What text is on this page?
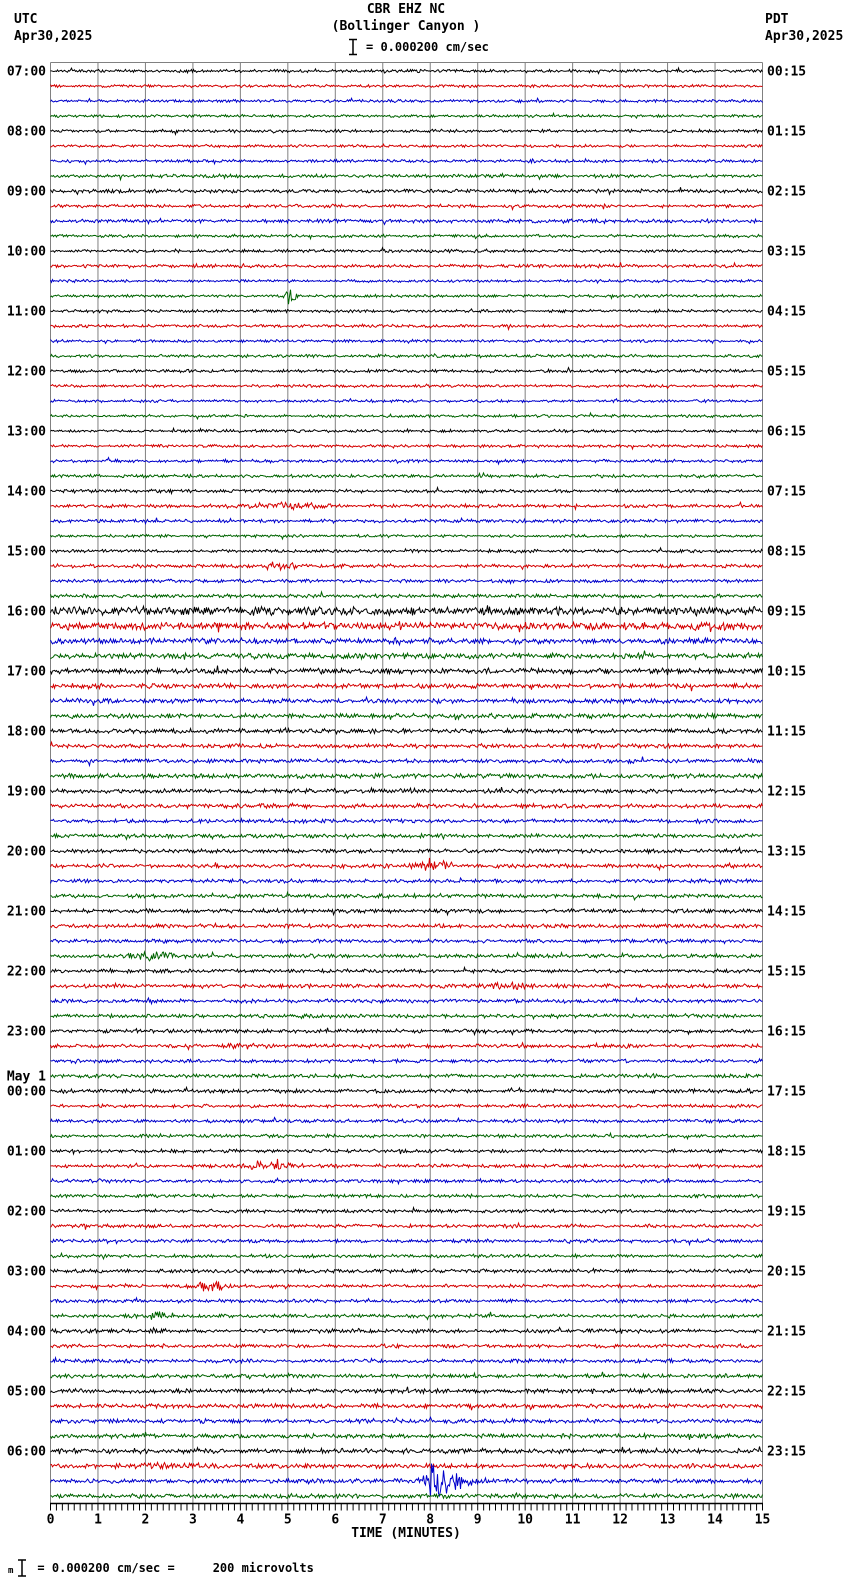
CBR EHZ NC
(Bollinger Canyon )
= 0.000200 cm/sec
UTC
Apr30,2025
PDT
Apr30,2025
0	1	2	3	4	5	6	7	8	9	10 11 12 13 14 15
07:00
08:00
09:00
10:00
11:00
12:00
13:00
14:00
15:00
16:00
17:00
18:00
19:00
20:00
21:00
22:00
23:00
00:00
May 1
01:00
02:00
03:00
04:00
05:00
06:00
00:15
01:15
02:15
03:15
04:15
05:15
06:15
07:15
08:15
09:15
10:15
11:15
12:15
13:15
14:15
15:15
16:15
17:15
18:15
19:15
20:15
21:15
22:15
23:15
TIME (MINUTES)
m = 0.000200 cm/sec =	200 microvolts
